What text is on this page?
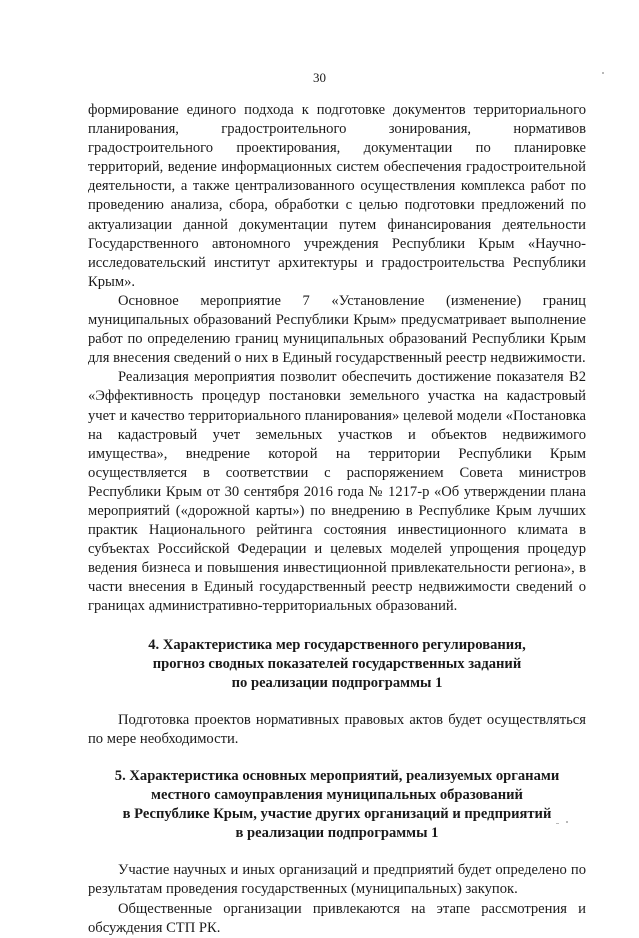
30

формирование единого подхода к подготовке документов территориального планирования, градостроительного зонирования, нормативов градостроительного проектирования, документации по планировке территорий, ведение информационных систем обеспечения градостроительной деятельности, а также централизованного осуществления комплекса работ по проведению анализа, сбора, обработки с целью подготовки предложений по актуализации данной документации путем финансирования деятельности Государственного автономного учреждения Республики Крым «Научно-исследовательский институт архитектуры и градостроительства Республики Крым».

Основное мероприятие 7 «Установление (изменение) границ муниципальных образований Республики Крым» предусматривает выполнение работ по определению границ муниципальных образований Республики Крым для внесения сведений о них в Единый государственный реестр недвижимости.

Реализация мероприятия позволит обеспечить достижение показателя В2 «Эффективность процедур постановки земельного участка на кадастровый учет и качество территориального планирования» целевой модели «Постановка на кадастровый учет земельных участков и объектов недвижимого имущества», внедрение которой на территории Республики Крым осуществляется в соответствии с распоряжением Совета министров Республики Крым от 30 сентября 2016 года № 1217-р «Об утверждении плана мероприятий («дорожной карты») по внедрению в Республике Крым лучших практик Национального рейтинга состояния инвестиционного климата в субъектах Российской Федерации и целевых моделей упрощения процедур ведения бизнеса и повышения инвестиционной привлекательности региона», в части внесения в Единый государственный реестр недвижимости сведений о границах административно-территориальных образований.

4. Характеристика мер государственного регулирования,
прогноз сводных показателей государственных заданий
по реализации подпрограммы 1

Подготовка проектов нормативных правовых актов будет осуществляться по мере необходимости.

5. Характеристика основных мероприятий, реализуемых органами
местного самоуправления муниципальных образований
в Республике Крым, участие других организаций и предприятий
в реализации подпрограммы 1

Участие научных и иных организаций и предприятий будет определено по результатам проведения государственных (муниципальных) закупок.

Общественные организации привлекаются на этапе рассмотрения и обсуждения СТП РК.
